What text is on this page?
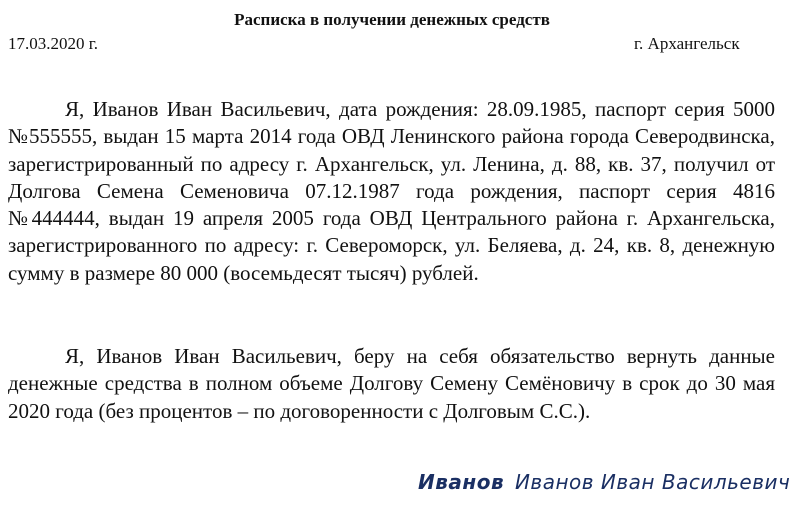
Расписка в получении денежных средств
17.03.2020 г.	г. Архангельск

Я, Иванов Иван Васильевич, дата рождения: 28.09.1985, паспорт серия 5000 №555555, выдан 15 марта 2014 года ОВД Ленинского района города Северодвинска, зарегистрированный по адресу г. Архангельск, ул. Ленина, д. 88, кв. 37, получил от Долгова Семена Семеновича 07.12.1987 года рождения, паспорт серия 4816 №444444, выдан 19 апреля 2005 года ОВД Центрального района г. Архангельска, зарегистрированного по адресу: г. Североморск, ул. Беляева, д. 24, кв. 8, денежную сумму в размере 80 000 (восемьдесят тысяч) рублей.

Я, Иванов Иван Васильевич, беру на себя обязательство вернуть данные денежные средства в полном объеме Долгову Семену Семёновичу в срок до 30 мая 2020 года (без процентов – по договоренности с Долговым С.С.).

Иванов Иванов Иван Васильевич
